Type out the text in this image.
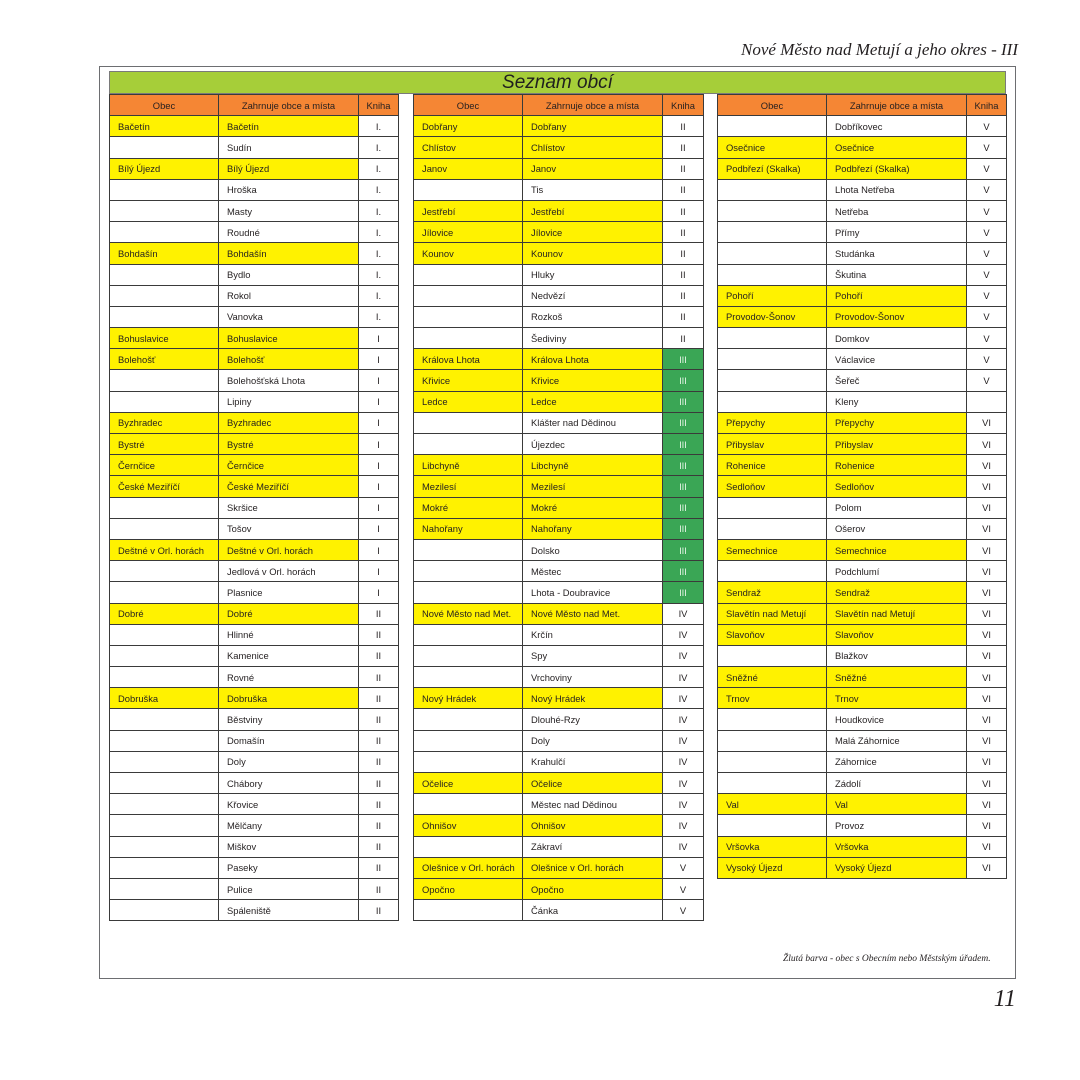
Nové Město nad Metují a jeho okres - III
Seznam obcí
Obec	Zahrnuje obce a místa	Kniha
Bačetín	Bačetín	I.
	Sudín	I.
Bílý Újezd	Bílý Újezd	I.
	Hroška	I.
	Masty	I.
	Roudné	I.
Bohdašín	Bohdašín	I.
	Bydlo	I.
	Rokol	I.
	Vanovka	I.
Bohuslavice	Bohuslavice	I
Bolehošť	Bolehošť	I
	Bolehošťská Lhota	I
	Lipiny	I
Byzhradec	Byzhradec	I
Bystré	Bystré	I
Černčice	Černčice	I
České Meziříčí	České Meziříčí	I
	Skršice	I
	Tošov	I
Deštné v Orl. horách	Deštné v Orl. horách	I
	Jedlová v Orl. horách	I
	Plasnice	I
Dobré	Dobré	II
	Hlinné	II
	Kamenice	II
	Rovné	II
Dobruška	Dobruška	II
	Běstviny	II
	Domašín	II
	Doly	II
	Chábory	II
	Křovice	II
	Mělčany	II
	Miškov	II
	Paseky	II
	Pulice	II
	Spáleniště	II
Obec	Zahrnuje obce a místa	Kniha
Dobřany	Dobřany	II
Chlístov	Chlístov	II
Janov	Janov	II
	Tis	II
Jestřebí	Jestřebí	II
Jílovice	Jílovice	II
Kounov	Kounov	II
	Hluky	II
	Nedvězí	II
	Rozkoš	II
	Šediviny	II
Králova Lhota	Králova Lhota	III
Křivice	Křivice	III
Ledce	Ledce	III
	Klášter nad Dědinou	III
	Újezdec	III
Libchyně	Libchyně	III
Mezilesí	Mezilesí	III
Mokré	Mokré	III
Nahořany	Nahořany	III
	Dolsko	III
	Městec	III
	Lhota - Doubravice	III
Nové Město nad Met.	Nové Město nad Met.	IV
	Krčín	IV
	Spy	IV
	Vrchoviny	IV
Nový Hrádek	Nový Hrádek	IV
	Dlouhé-Rzy	IV
	Doly	IV
	Krahulčí	IV
Očelice	Očelice	IV
	Městec nad Dědinou	IV
Ohnišov	Ohnišov	IV
	Zákraví	IV
Olešnice v Orl. horách	Olešnice v Orl. horách	V
Opočno	Opočno	V
	Čánka	V
Obec	Zahrnuje obce a místa	Kniha
	Dobříkovec	V
Osečnice	Osečnice	V
Podbřezí (Skalka)	Podbřezí (Skalka)	V
	Lhota Netřeba	V
	Netřeba	V
	Přímy	V
	Studánka	V
	Škutina	V
Pohoří	Pohoří	V
Provodov-Šonov	Provodov-Šonov	V
	Domkov	V
	Václavice	V
	Šeřeč	V
	Kleny	
Přepychy	Přepychy	VI
Přibyslav	Přibyslav	VI
Rohenice	Rohenice	VI
Sedloňov	Sedloňov	VI
	Polom	VI
	Ošerov	VI
Semechnice	Semechnice	VI
	Podchlumí	VI
Sendraž	Sendraž	VI
Slavětín nad Metují	Slavětín nad Metují	VI
Slavoňov	Slavoňov	VI
	Blažkov	VI
Sněžné	Sněžné	VI
Trnov	Trnov	VI
	Houdkovice	VI
	Malá Záhornice	VI
	Záhornice	VI
	Zádolí	VI
Val	Val	VI
	Provoz	VI
Vršovka	Vršovka	VI
Vysoký Újezd	Vysoký Újezd	VI
Žlutá barva - obec s Obecním nebo Městským úřadem.
11
